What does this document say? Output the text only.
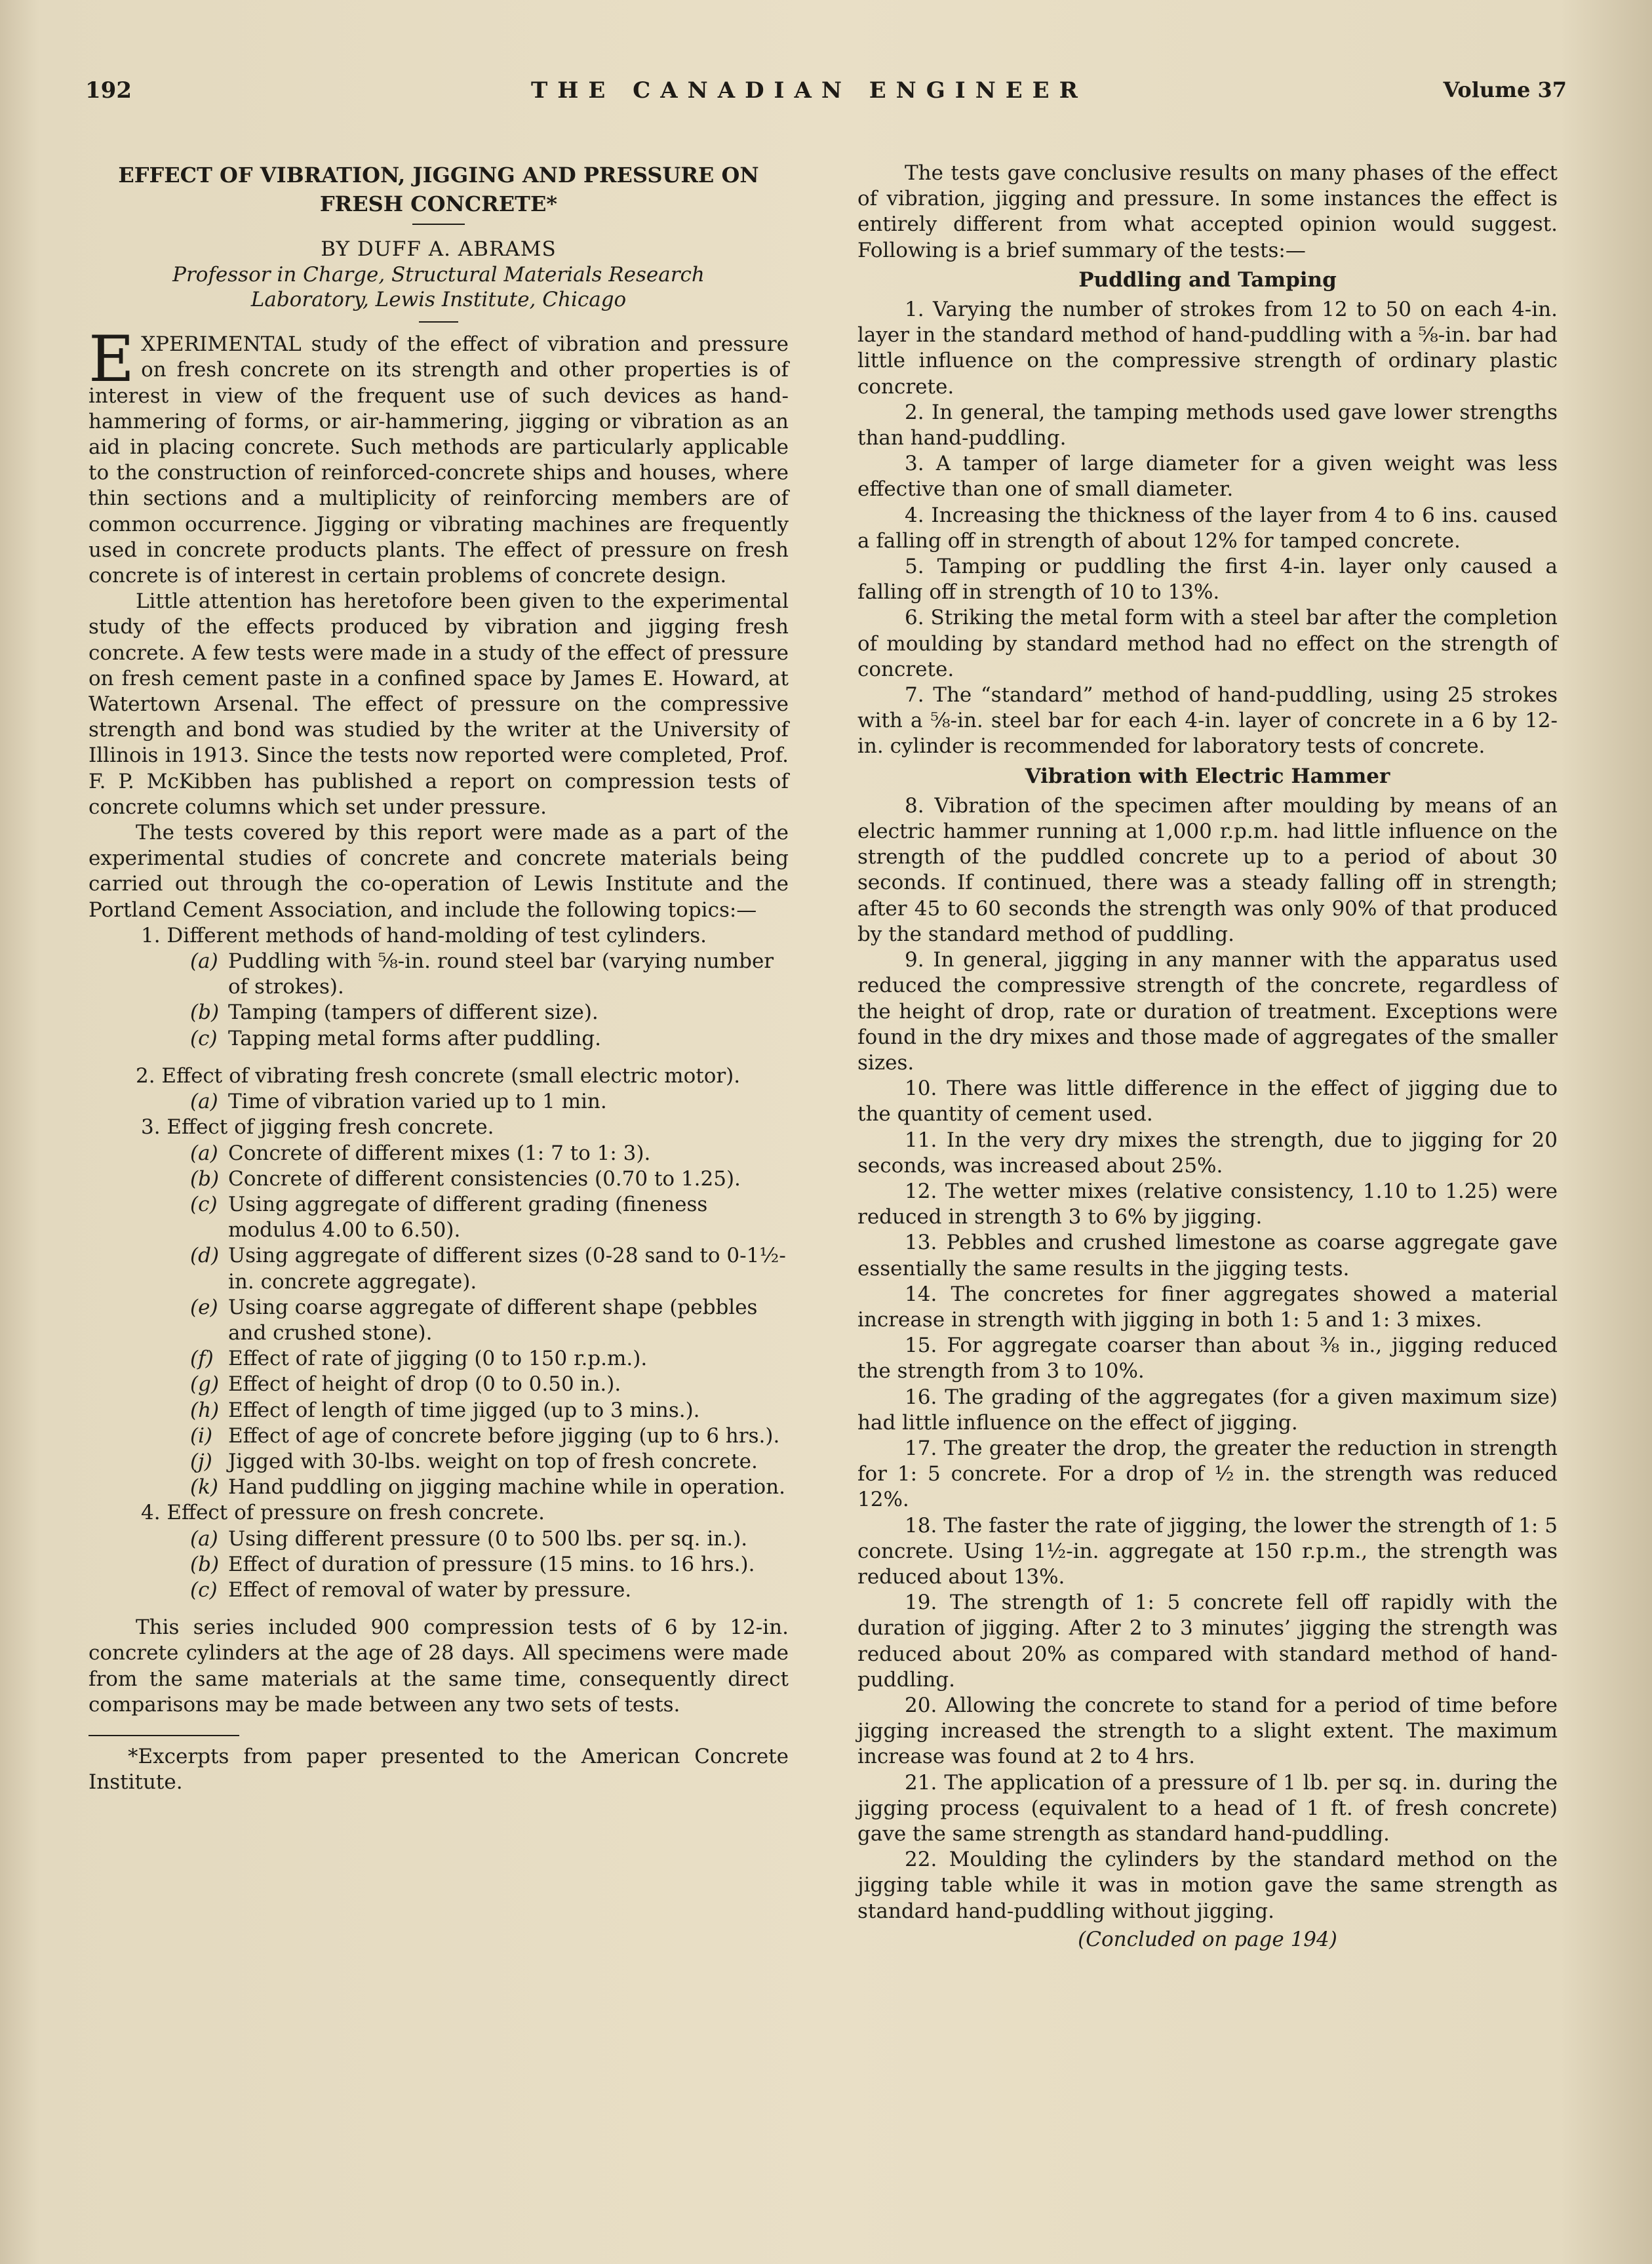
192	THE CANADIAN ENGINEER	Volume 37
EFFECT OF VIBRATION, JIGGING AND PRESSURE ON
FRESH CONCRETE*
BY DUFF A. ABRAMS
Professor in Charge, Structural Materials Research
Laboratory, Lewis Institute, Chicago

EXPERIMENTAL study of the effect of vibration and pressure on fresh concrete on its strength and other properties is of interest in view of the frequent use of such devices as hand-hammering of forms, or air-hammering, jigging or vibration as an aid in placing concrete. Such methods are particularly applicable to the construction of reinforced-concrete ships and houses, where thin sections and a multiplicity of reinforcing members are of common occurrence. Jigging or vibrating machines are frequently used in concrete products plants. The effect of pressure on fresh concrete is of interest in certain problems of concrete design.

Little attention has heretofore been given to the experimental study of the effects produced by vibration and jigging fresh concrete. A few tests were made in a study of the effect of pressure on fresh cement paste in a confined space by James E. Howard, at Watertown Arsenal. The effect of pressure on the compressive strength and bond was studied by the writer at the University of Illinois in 1913. Since the tests now reported were completed, Prof. F. P. McKibben has published a report on compression tests of concrete columns which set under pressure.

The tests covered by this report were made as a part of the experimental studies of concrete and concrete materials being carried out through the co-operation of Lewis Institute and the Portland Cement Association, and include the following topics:—

1. Different methods of hand-molding of test cylinders.
(a) Puddling with ⅝-in. round steel bar (varying number of strokes).
(b) Tamping (tampers of different size).
(c) Tapping metal forms after puddling.
2. Effect of vibrating fresh concrete (small electric motor).
(a) Time of vibration varied up to 1 min.
3. Effect of jigging fresh concrete.
(a) Concrete of different mixes (1: 7 to 1: 3).
(b) Concrete of different consistencies (0.70 to 1.25).
(c) Using aggregate of different grading (fineness modulus 4.00 to 6.50).
(d) Using aggregate of different sizes (0-28 sand to 0-1½-in. concrete aggregate).
(e) Using coarse aggregate of different shape (pebbles and crushed stone).
(f) Effect of rate of jigging (0 to 150 r.p.m.).
(g) Effect of height of drop (0 to 0.50 in.).
(h) Effect of length of time jigged (up to 3 mins.).
(i) Effect of age of concrete before jigging (up to 6 hrs.).
(j) Jigged with 30-lbs. weight on top of fresh concrete.
(k) Hand puddling on jigging machine while in operation.
4. Effect of pressure on fresh concrete.
(a) Using different pressure (0 to 500 lbs. per sq. in.).
(b) Effect of duration of pressure (15 mins. to 16 hrs.).
(c) Effect of removal of water by pressure.

This series included 900 compression tests of 6 by 12-in. concrete cylinders at the age of 28 days. All specimens were made from the same materials at the same time, consequently direct comparisons may be made between any two sets of tests.

*Excerpts from paper presented to the American Concrete Institute.

The tests gave conclusive results on many phases of the effect of vibration, jigging and pressure. In some instances the effect is entirely different from what accepted opinion would suggest. Following is a brief summary of the tests:—

Puddling and Tamping

1. Varying the number of strokes from 12 to 50 on each 4-in. layer in the standard method of hand-puddling with a ⅝-in. bar had little influence on the compressive strength of ordinary plastic concrete.

2. In general, the tamping methods used gave lower strengths than hand-puddling.

3. A tamper of large diameter for a given weight was less effective than one of small diameter.

4. Increasing the thickness of the layer from 4 to 6 ins. caused a falling off in strength of about 12% for tamped concrete.

5. Tamping or puddling the first 4-in. layer only caused a falling off in strength of 10 to 13%.

6. Striking the metal form with a steel bar after the completion of moulding by standard method had no effect on the strength of concrete.

7. The “standard” method of hand-puddling, using 25 strokes with a ⅝-in. steel bar for each 4-in. layer of concrete in a 6 by 12-in. cylinder is recommended for laboratory tests of concrete.

Vibration with Electric Hammer

8. Vibration of the specimen after moulding by means of an electric hammer running at 1,000 r.p.m. had little influence on the strength of the puddled concrete up to a period of about 30 seconds. If continued, there was a steady falling off in strength; after 45 to 60 seconds the strength was only 90% of that produced by the standard method of puddling.

9. In general, jigging in any manner with the apparatus used reduced the compressive strength of the concrete, regardless of the height of drop, rate or duration of treatment. Exceptions were found in the dry mixes and those made of aggregates of the smaller sizes.

10. There was little difference in the effect of jigging due to the quantity of cement used.

11. In the very dry mixes the strength, due to jigging for 20 seconds, was increased about 25%.

12. The wetter mixes (relative consistency, 1.10 to 1.25) were reduced in strength 3 to 6% by jigging.

13. Pebbles and crushed limestone as coarse aggregate gave essentially the same results in the jigging tests.

14. The concretes for finer aggregates showed a material increase in strength with jigging in both 1: 5 and 1: 3 mixes.

15. For aggregate coarser than about ⅜ in., jigging reduced the strength from 3 to 10%.

16. The grading of the aggregates (for a given maximum size) had little influence on the effect of jigging.

17. The greater the drop, the greater the reduction in strength for 1: 5 concrete. For a drop of ½ in. the strength was reduced 12%.

18. The faster the rate of jigging, the lower the strength of 1: 5 concrete. Using 1½-in. aggregate at 150 r.p.m., the strength was reduced about 13%.

19. The strength of 1: 5 concrete fell off rapidly with the duration of jigging. After 2 to 3 minutes’ jigging the strength was reduced about 20% as compared with standard method of hand-puddling.

20. Allowing the concrete to stand for a period of time before jigging increased the strength to a slight extent. The maximum increase was found at 2 to 4 hrs.

21. The application of a pressure of 1 lb. per sq. in. during the jigging process (equivalent to a head of 1 ft. of fresh concrete) gave the same strength as standard hand-puddling.

22. Moulding the cylinders by the standard method on the jigging table while it was in motion gave the same strength as standard hand-puddling without jigging.

(Concluded on page 194)
